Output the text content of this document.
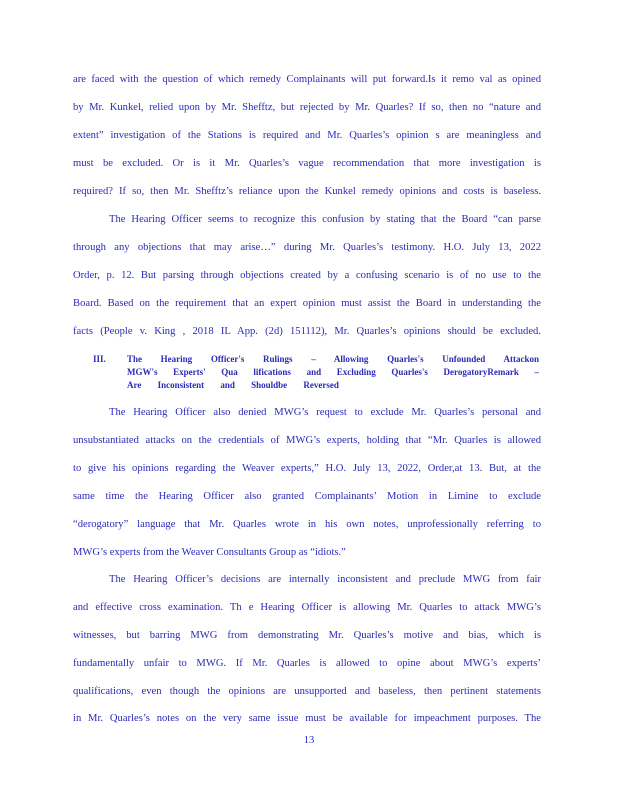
are faced with the question of which remedy Complainants will put forward.Is it remo val as opined
by Mr. Kunkel, relied upon by Mr. Shefftz, but rejected by Mr. Quarles? If so, then no “nature and
extent” investigation of the Stations is required and Mr. Quarles’s opinion s are meaningless and
must be excluded. Or is it Mr. Quarles’s vague recommendation that more investigation is
required? If so, then Mr. Shefftz’s reliance upon the Kunkel remedy opinions and costs is baseless.
The Hearing Officer seems to recognize this confusion by stating that the Board “can parse
through any objections that may arise…” during Mr. Quarles’s testimony. H.O. July 13, 2022
Order, p. 12. But parsing through objections created by a confusing scenario is of no use to the
Board. Based on the requirement that an expert opinion must assist the Board in understanding the
facts (People v. King , 2018 IL App. (2d) 151112), Mr. Quarles’s opinions should be excluded.
III. The Hearing Officer's Rulings – Allowing Quarles's Unfounded Attackon
MGW's Experts' Qua lifications and Excluding Quarles's DerogatoryRemark –
Are Inconsistent and Shouldbe Reversed
The Hearing Officer also denied MWG’s request to exclude Mr. Quarles’s personal and
unsubstantiated attacks on the credentials of MWG’s experts, holding that “Mr. Quarles is allowed
to give his opinions regarding the Weaver experts,” H.O. July 13, 2022, Order,at 13. But, at the
same time the Hearing Officer also granted Complainants’ Motion in Limine to exclude
“derogatory” language that Mr. Quarles wrote in his own notes, unprofessionally referring to
MWG’s experts from the Weaver Consultants Group as “idiots.”
The Hearing Officer’s decisions are internally inconsistent and preclude MWG from fair
and effective cross examination. Th e Hearing Officer is allowing Mr. Quarles to attack MWG’s
witnesses, but barring MWG from demonstrating Mr. Quarles’s motive and bias, which is
fundamentally unfair to MWG. If Mr. Quarles is allowed to opine about MWG’s experts’
qualifications, even though the opinions are unsupported and baseless, then pertinent statements
in Mr. Quarles’s notes on the very same issue must be available for impeachment purposes. The
13
